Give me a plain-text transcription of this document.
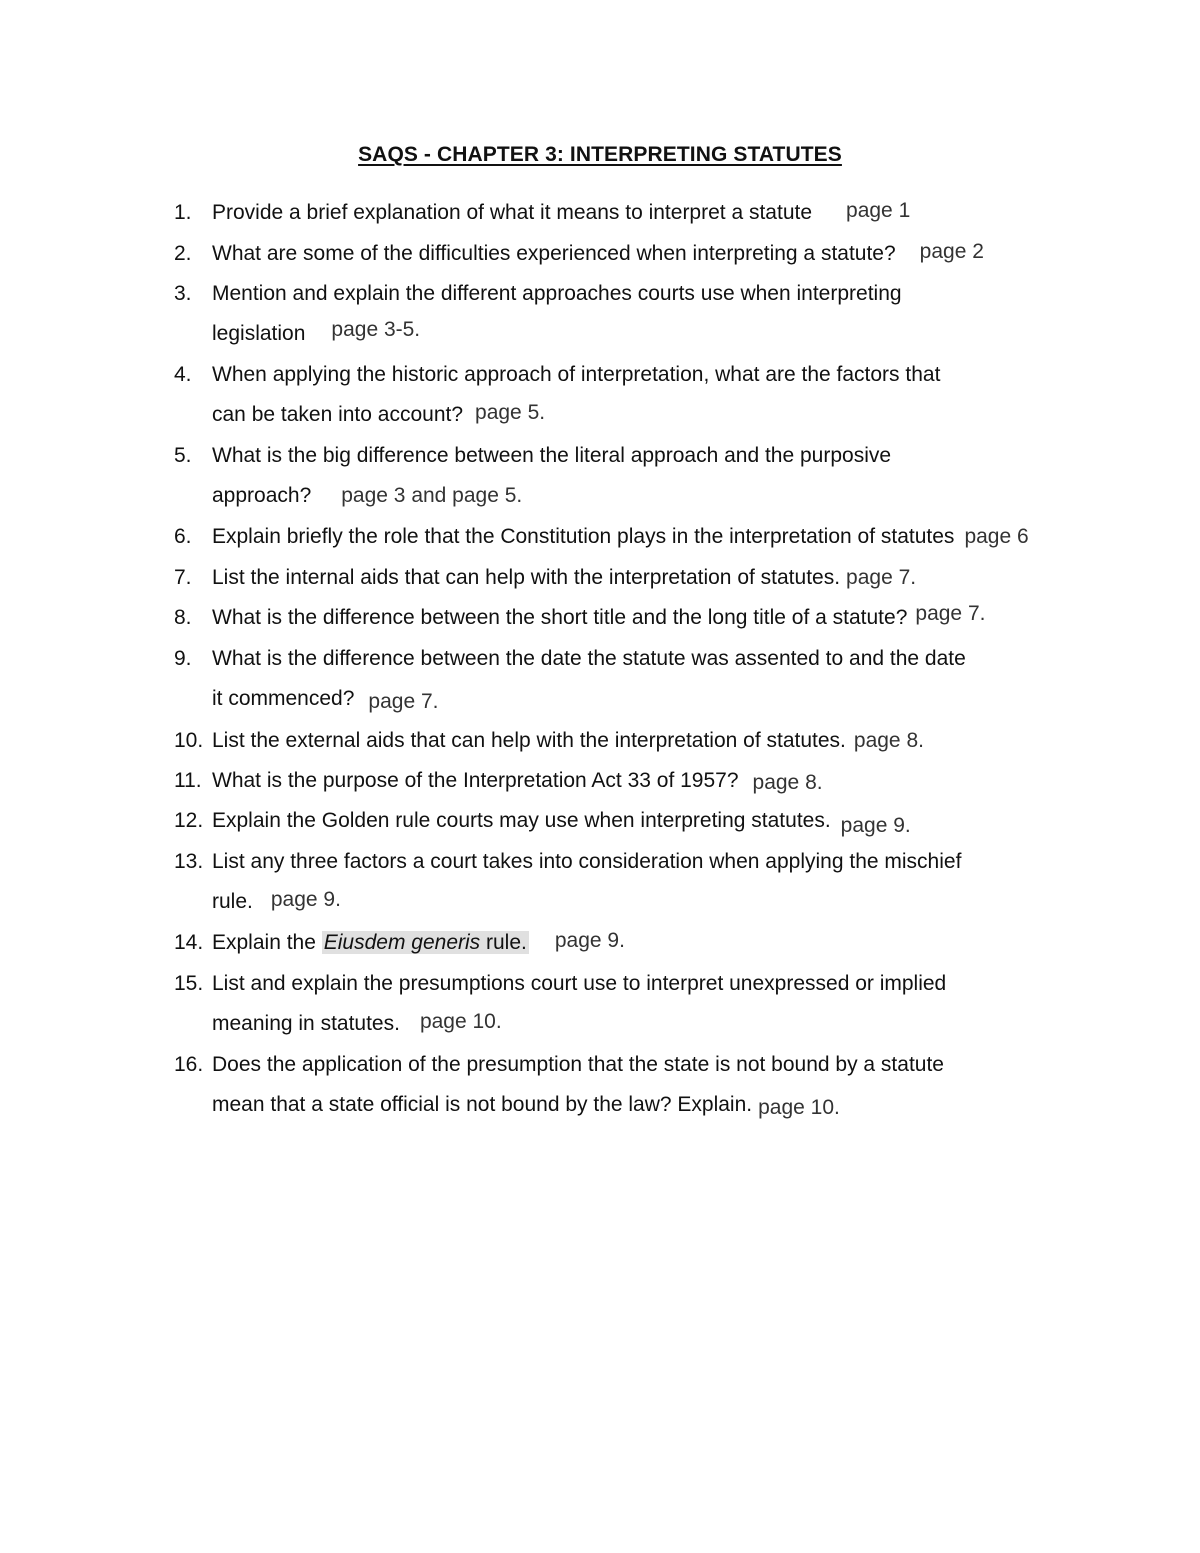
SAQS - CHAPTER 3: INTERPRETING STATUTES
1. Provide a brief explanation of what it means to interpret a statute page 1
2. What are some of the difficulties experienced when interpreting a statute? page 2
3. Mention and explain the different approaches courts use when interpreting
legislation page 3-5.
4. When applying the historic approach of interpretation, what are the factors that
can be taken into account? page 5.
5. What is the big difference between the literal approach and the purposive
approach? page 3 and page 5.
6. Explain briefly the role that the Constitution plays in the interpretation of statutes page 6
7. List the internal aids that can help with the interpretation of statutes. page 7.
8. What is the difference between the short title and the long title of a statute? page 7.
9. What is the difference between the date the statute was assented to and the date
it commenced? page 7.
10. List the external aids that can help with the interpretation of statutes. page 8.
11. What is the purpose of the Interpretation Act 33 of 1957? page 8.
12. Explain the Golden rule courts may use when interpreting statutes. page 9.
13. List any three factors a court takes into consideration when applying the mischief
rule. page 9.
14. Explain the Eiusdem generis rule. page 9.
15. List and explain the presumptions court use to interpret unexpressed or implied
meaning in statutes. page 10.
16. Does the application of the presumption that the state is not bound by a statute
mean that a state official is not bound by the law? Explain. page 10.
